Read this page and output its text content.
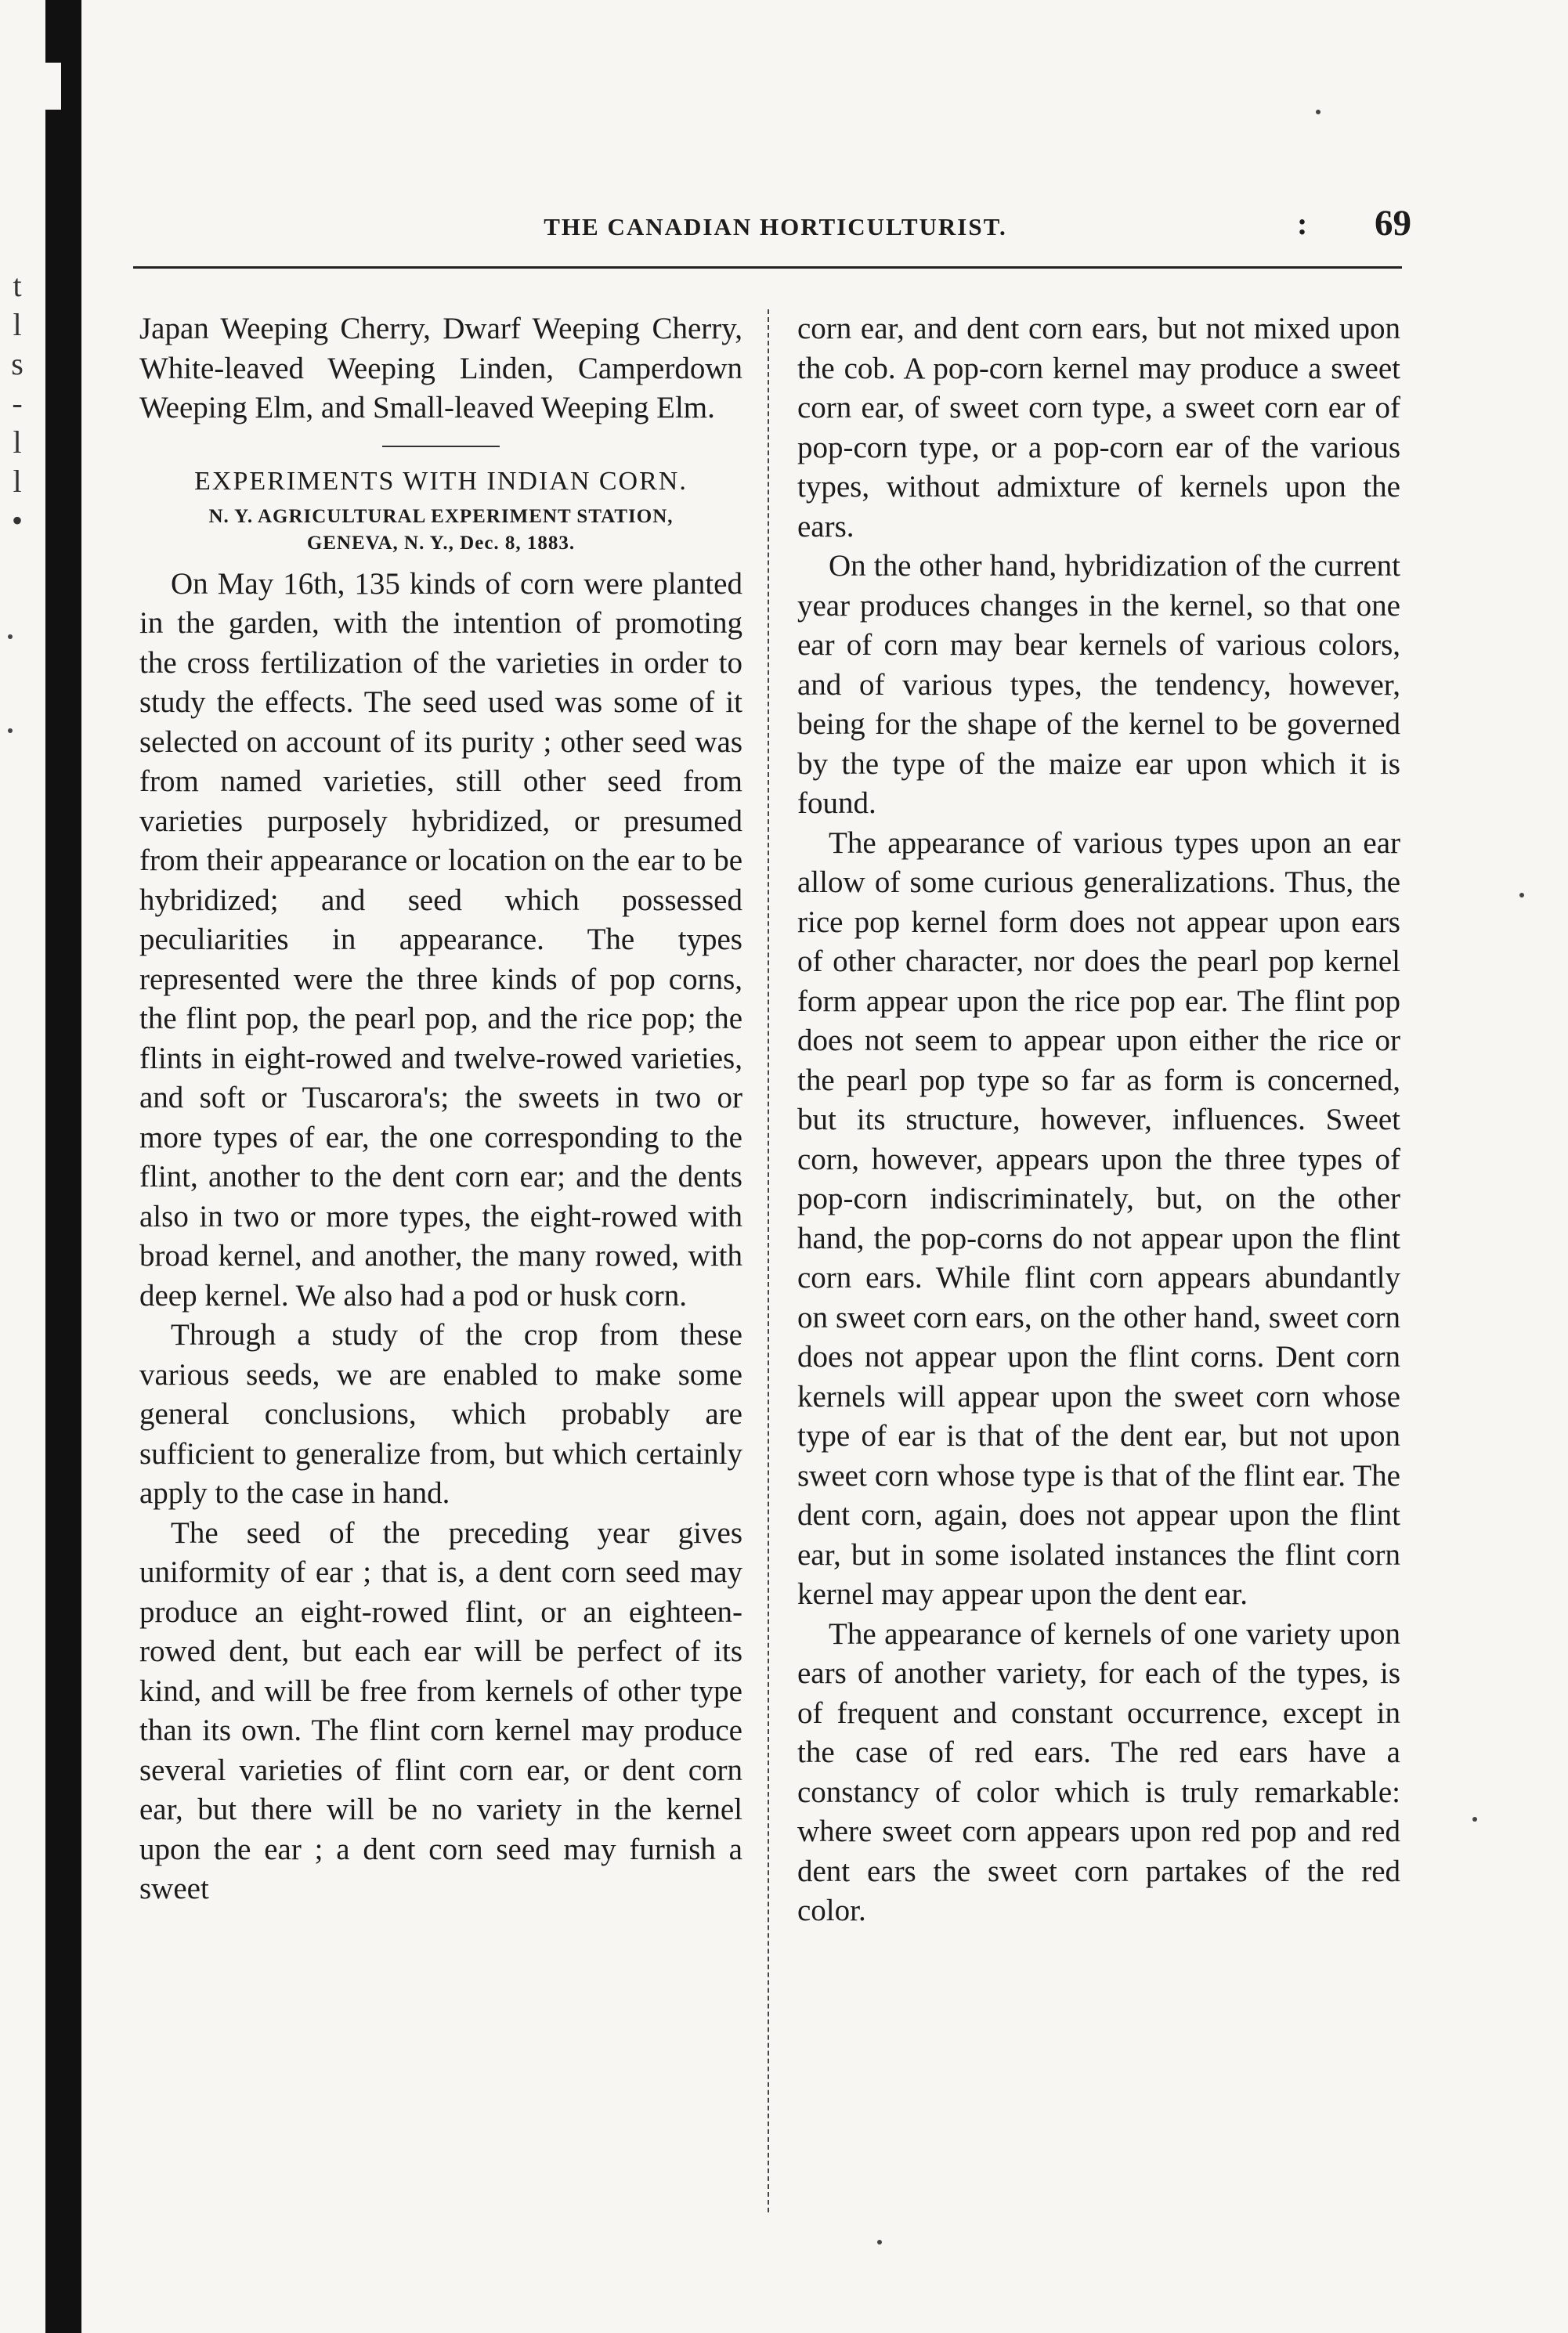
t
l
s
-
l
l
•
THE CANADIAN HORTICULTURIST.	: 69

Japan Weeping Cherry, Dwarf Weeping Cherry, White-leaved Weeping Linden, Camperdown Weeping Elm, and Small-leaved Weeping Elm.

EXPERIMENTS WITH INDIAN CORN.
N. Y. AGRICULTURAL EXPERIMENT STATION,
GENEVA, N. Y., Dec. 8, 1883.

On May 16th, 135 kinds of corn were planted in the garden, with the intention of promoting the cross fertilization of the varieties in order to study the effects. The seed used was some of it selected on account of its purity ; other seed was from named varieties, still other seed from varieties purposely hybridized, or presumed from their appearance or location on the ear to be hybridized; and seed which possessed peculiarities in appearance. The types represented were the three kinds of pop corns, the flint pop, the pearl pop, and the rice pop; the flints in eight-rowed and twelve-rowed varieties, and soft or Tuscarora's; the sweets in two or more types of ear, the one corresponding to the flint, another to the dent corn ear; and the dents also in two or more types, the eight-rowed with broad kernel, and another, the many rowed, with deep kernel. We also had a pod or husk corn.

Through a study of the crop from these various seeds, we are enabled to make some general conclusions, which probably are sufficient to generalize from, but which certainly apply to the case in hand.

The seed of the preceding year gives uniformity of ear ; that is, a dent corn seed may produce an eight-rowed flint, or an eighteen-rowed dent, but each ear will be perfect of its kind, and will be free from kernels of other type than its own. The flint corn kernel may produce several varieties of flint corn ear, or dent corn ear, but there will be no variety in the kernel upon the ear ; a dent corn seed may furnish a sweet

corn ear, and dent corn ears, but not mixed upon the cob. A pop-corn kernel may produce a sweet corn ear, of sweet corn type, a sweet corn ear of pop-corn type, or a pop-corn ear of the various types, without admixture of kernels upon the ears.

On the other hand, hybridization of the current year produces changes in the kernel, so that one ear of corn may bear kernels of various colors, and of various types, the tendency, however, being for the shape of the kernel to be governed by the type of the maize ear upon which it is found.

The appearance of various types upon an ear allow of some curious generalizations. Thus, the rice pop kernel form does not appear upon ears of other character, nor does the pearl pop kernel form appear upon the rice pop ear. The flint pop does not seem to appear upon either the rice or the pearl pop type so far as form is concerned, but its structure, however, influences. Sweet corn, however, appears upon the three types of pop-corn indiscriminately, but, on the other hand, the pop-corns do not appear upon the flint corn ears. While flint corn appears abundantly on sweet corn ears, on the other hand, sweet corn does not appear upon the flint corns. Dent corn kernels will appear upon the sweet corn whose type of ear is that of the dent ear, but not upon sweet corn whose type is that of the flint ear. The dent corn, again, does not appear upon the flint ear, but in some isolated instances the flint corn kernel may appear upon the dent ear.

The appearance of kernels of one variety upon ears of another variety, for each of the types, is of frequent and constant occurrence, except in the case of red ears. The red ears have a constancy of color which is truly remarkable: where sweet corn appears upon red pop and red dent ears the sweet corn partakes of the red color.
